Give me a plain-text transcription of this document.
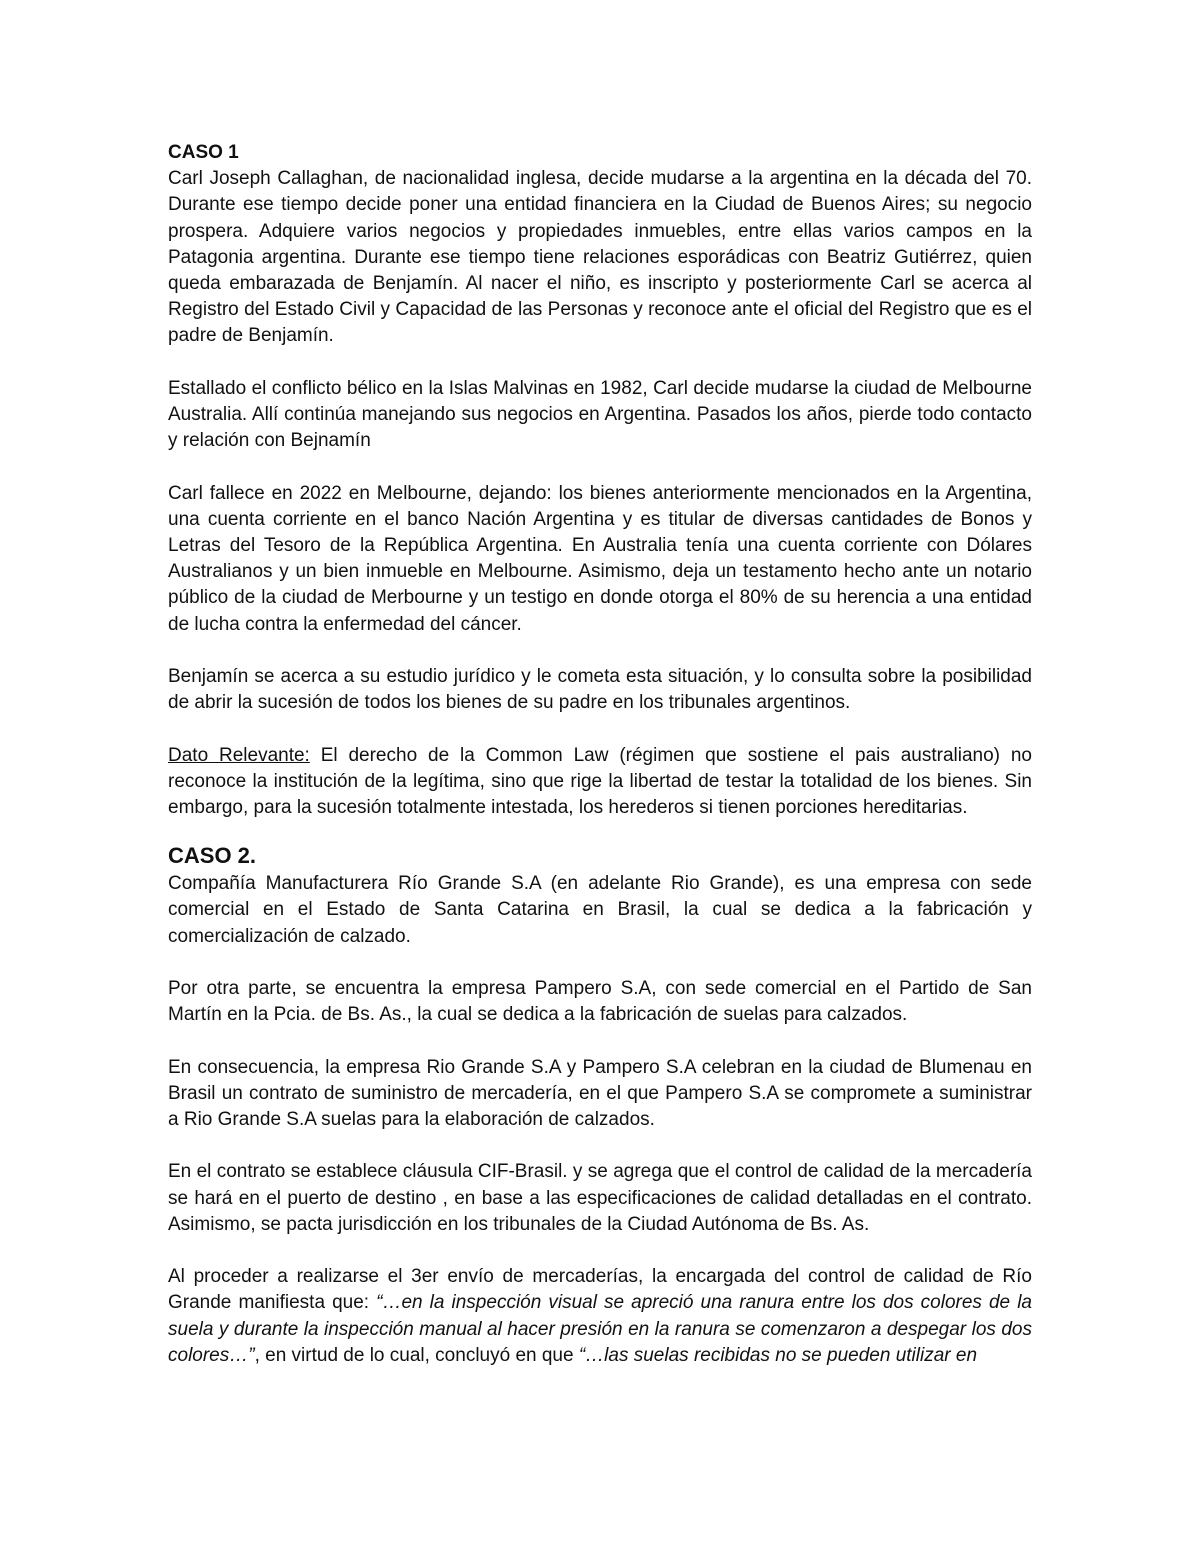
CASO 1

Carl Joseph Callaghan, de nacionalidad inglesa, decide mudarse a la argentina en la década del 70. Durante ese tiempo decide poner una entidad financiera en la Ciudad de Buenos Aires; su negocio prospera. Adquiere varios negocios y propiedades inmuebles, entre ellas varios campos en la Patagonia argentina. Durante ese tiempo tiene relaciones esporádicas con Beatriz Gutiérrez, quien queda embarazada de Benjamín. Al nacer el niño, es inscripto y posteriormente Carl se acerca al Registro del Estado Civil y Capacidad de las Personas y reconoce ante el oficial del Registro que es el padre de Benjamín.

Estallado el conflicto bélico en la Islas Malvinas en 1982, Carl decide mudarse la ciudad de Melbourne Australia. Allí continúa manejando sus negocios en Argentina. Pasados los años, pierde todo contacto y relación con Bejnamín

Carl fallece en 2022 en Melbourne, dejando: los bienes anteriormente mencionados en la Argentina, una cuenta corriente en el banco Nación Argentina y es titular de diversas cantidades de Bonos y Letras del Tesoro de la República Argentina. En Australia tenía una cuenta corriente con Dólares Australianos y un bien inmueble en Melbourne. Asimismo, deja un testamento hecho ante un notario público de la ciudad de Merbourne y un testigo en donde otorga el 80% de su herencia a una entidad de lucha contra la enfermedad del cáncer.

Benjamín se acerca a su estudio jurídico y le cometa esta situación, y lo consulta sobre la posibilidad de abrir la sucesión de todos los bienes de su padre en los tribunales argentinos.

Dato Relevante: El derecho de la Common Law (régimen que sostiene el pais australiano) no reconoce la institución de la legítima, sino que rige la libertad de testar la totalidad de los bienes. Sin embargo, para la sucesión totalmente intestada, los herederos si tienen porciones hereditarias.

CASO 2.

Compañía Manufacturera Río Grande S.A (en adelante Rio Grande), es una empresa con sede comercial en el Estado de Santa Catarina en Brasil, la cual se dedica a la fabricación y comercialización de calzado.

Por otra parte, se encuentra la empresa Pampero S.A, con sede comercial en el Partido de San Martín en la Pcia. de Bs. As., la cual se dedica a la fabricación de suelas para calzados.

En consecuencia, la empresa Rio Grande S.A y Pampero S.A celebran en la ciudad de Blumenau en Brasil un contrato de suministro de mercadería, en el que Pampero S.A se compromete a suministrar a Rio Grande S.A suelas para la elaboración de calzados.

En el contrato se establece cláusula CIF-Brasil. y se agrega que el control de calidad de la mercadería se hará en el puerto de destino , en base a las especificaciones de calidad detalladas en el contrato. Asimismo, se pacta jurisdicción en los tribunales de la Ciudad Autónoma de Bs. As.

Al proceder a realizarse el 3er envío de mercaderías, la encargada del control de calidad de Río Grande manifiesta que: “…en la inspección visual se apreció una ranura entre los dos colores de la suela y durante la inspección manual al hacer presión en la ranura se comenzaron a despegar los dos colores…”, en virtud de lo cual, concluyó en que “…las suelas recibidas no se pueden utilizar en
